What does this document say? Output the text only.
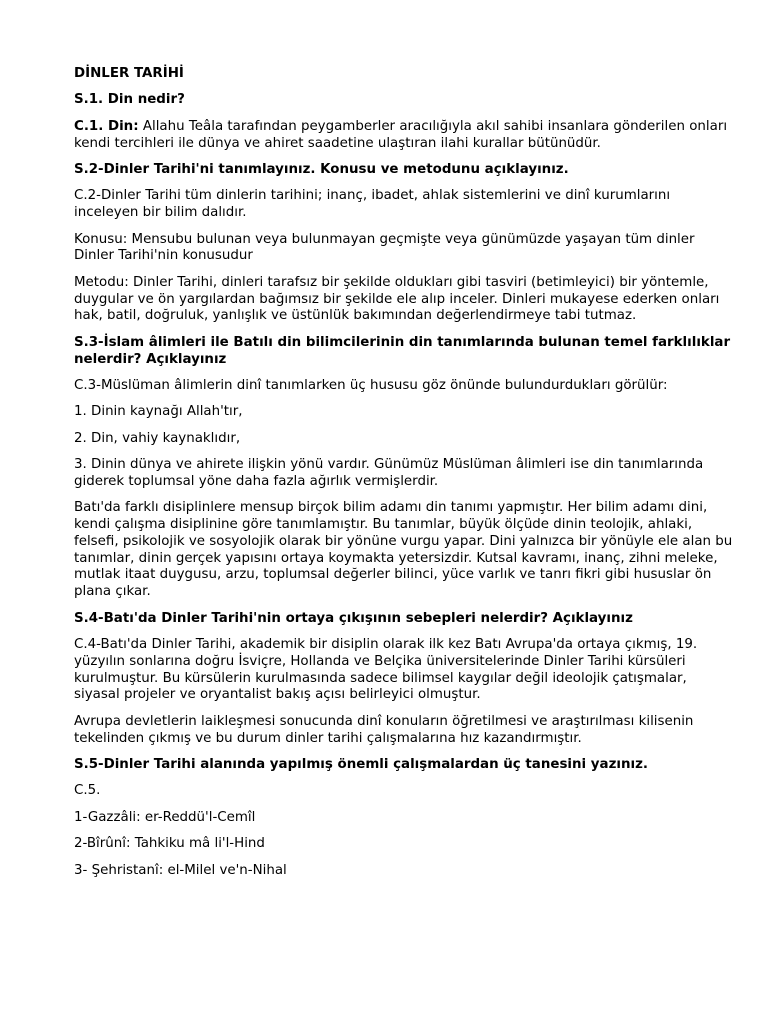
DİNLER TARİHİ

S.1. Din nedir?

C.1. Din: Allahu Teâla tarafından peygamberler aracılığıyla akıl sahibi insanlara gönderilen onları kendi tercihleri ile dünya ve ahiret saadetine ulaştıran ilahi kurallar bütünüdür.

S.2-Dinler Tarihi'ni tanımlayınız. Konusu ve metodunu açıklayınız.

C.2-Dinler Tarihi tüm dinlerin tarihini; inanç, ibadet, ahlak sistemlerini ve dinî kurumlarını inceleyen bir bilim dalıdır.

Konusu: Mensubu bulunan veya bulunmayan geçmişte veya günümüzde yaşayan tüm dinler Dinler Tarihi'nin konusudur

Metodu: Dinler Tarihi, dinleri tarafsız bir şekilde oldukları gibi tasviri (betimleyici) bir yöntemle, duygular ve ön yargılardan bağımsız bir şekilde ele alıp inceler. Dinleri mukayese ederken onları hak, batil, doğruluk, yanlışlık ve üstünlük bakımından değerlendirmeye tabi tutmaz.

S.3-İslam âlimleri ile Batılı din bilimcilerinin din tanımlarında bulunan temel farklılıklar nelerdir? Açıklayınız

C.3-Müslüman âlimlerin dinî tanımlarken üç hususu göz önünde bulundurdukları görülür:

1. Dinin kaynağı Allah'tır,

2. Din, vahiy kaynaklıdır,

3. Dinin dünya ve ahirete ilişkin yönü vardır. Günümüz Müslüman âlimleri ise din tanımlarında giderek toplumsal yöne daha fazla ağırlık vermişlerdir.

Batı'da farklı disiplinlere mensup birçok bilim adamı din tanımı yapmıştır. Her bilim adamı dini, kendi çalışma disiplinine göre tanımlamıştır. Bu tanımlar, büyük ölçüde dinin teolojik, ahlaki, felsefi, psikolojik ve sosyolojik olarak bir yönüne vurgu yapar. Dini yalnızca bir yönüyle ele alan bu tanımlar, dinin gerçek yapısını ortaya koymakta yetersizdir. Kutsal kavramı, inanç, zihni meleke, mutlak itaat duygusu, arzu, toplumsal değerler bilinci, yüce varlık ve tanrı fikri gibi hususlar ön plana çıkar.

S.4-Batı'da Dinler Tarihi'nin ortaya çıkışının sebepleri nelerdir? Açıklayınız

C.4-Batı'da Dinler Tarihi, akademik bir disiplin olarak ilk kez Batı Avrupa'da ortaya çıkmış, 19. yüzyılın sonlarına doğru İsviçre, Hollanda ve Belçika üniversitelerinde Dinler Tarihi kürsüleri kurulmuştur. Bu kürsülerin kurulmasında sadece bilimsel kaygılar değil ideolojik çatışmalar, siyasal projeler ve oryantalist bakış açısı belirleyici olmuştur.

Avrupa devletlerin laikleşmesi sonucunda dinî konuların öğretilmesi ve araştırılması kilisenin tekelinden çıkmış ve bu durum dinler tarihi çalışmalarına hız kazandırmıştır.

S.5-Dinler Tarihi alanında yapılmış önemli çalışmalardan üç tanesini yazınız.

C.5.

1-Gazzâli: er-Reddü'l-Cemîl

2-Bîrûnî: Tahkiku mâ li'l-Hind

3- Şehristanî: el-Milel ve'n-Nihal
